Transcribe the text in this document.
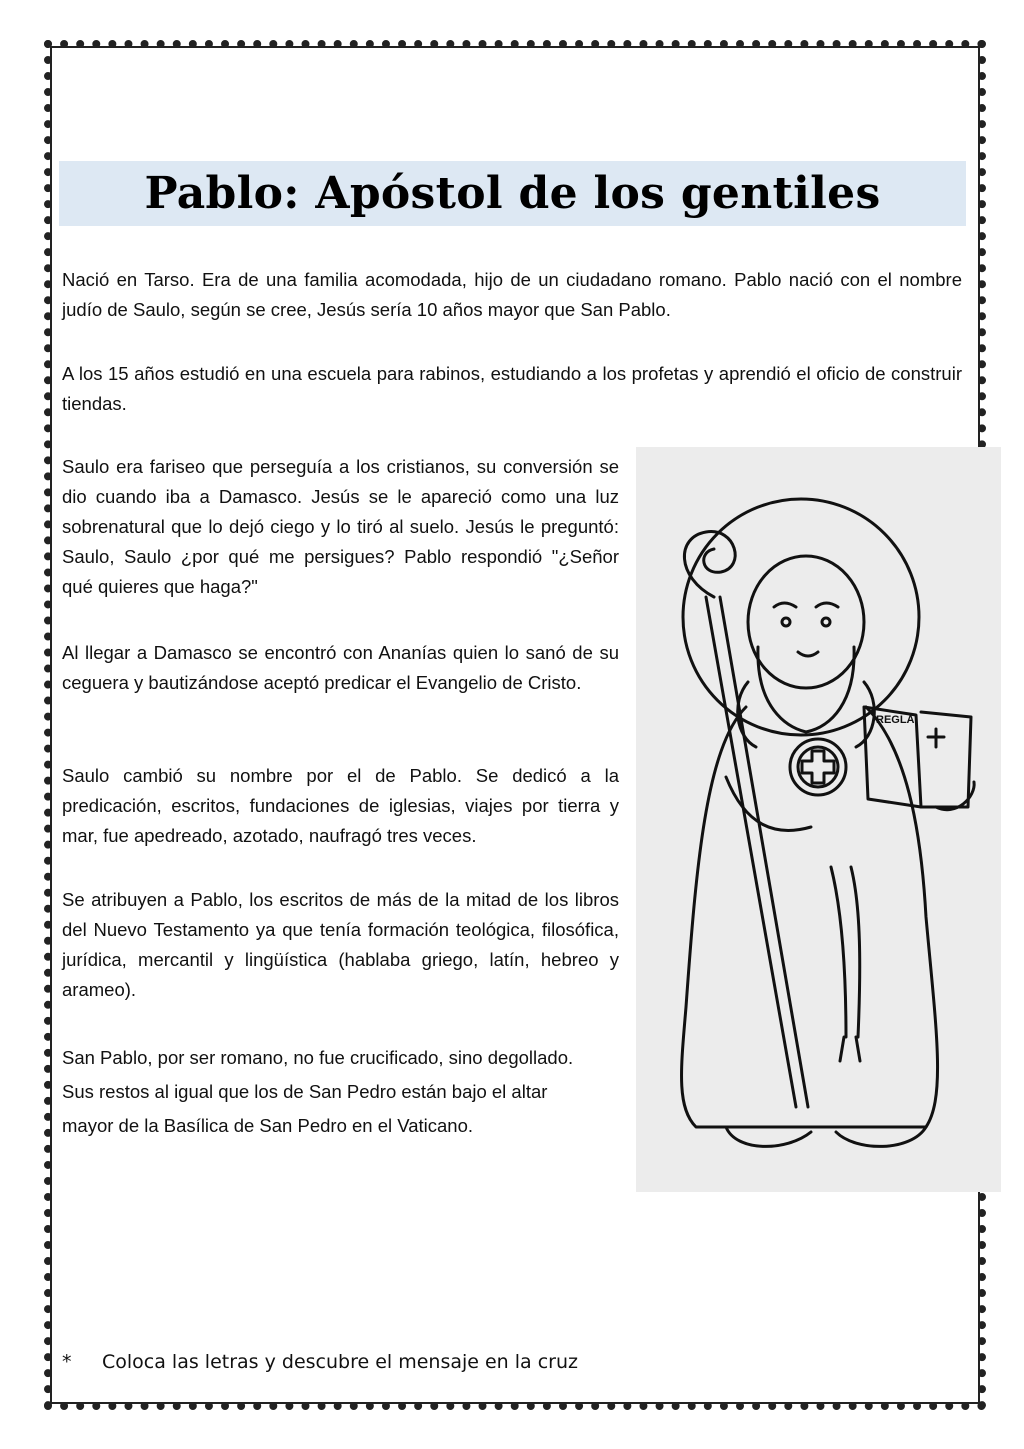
Pablo: Apóstol de los gentiles

Nació en Tarso. Era de una familia acomodada, hijo de un ciudadano romano. Pablo nació con el nombre judío de Saulo, según se cree, Jesús sería 10 años mayor que San Pablo.

A los 15 años estudió en una escuela para rabinos, estudiando a los profetas y aprendió el oficio de construir tiendas.

Saulo era fariseo que perseguía a los cristianos, su conversión se dio cuando iba a Damasco. Jesús se le apareció como una luz sobrenatural que lo dejó ciego y lo tiró al suelo. Jesús le preguntó: Saulo, Saulo ¿por qué me persigues? Pablo respondió "¿Señor qué quieres que haga?"

Al llegar a Damasco se encontró con Ananías quien lo sanó de su ceguera y bautizándose aceptó predicar el Evangelio de Cristo.

Saulo cambió su nombre por el de Pablo. Se dedicó a la predicación, escritos, fundaciones de iglesias, viajes por tierra y mar, fue apedreado, azotado, naufragó tres veces.

Se atribuyen a Pablo, los escritos de más de la mitad de los libros del Nuevo Testamento ya que tenía formación teológica, filosófica, jurídica, mercantil y lingüística (hablaba griego, latín, hebreo y arameo).

San Pablo, por ser romano, no fue crucificado, sino degollado. Sus restos al igual que los de San Pedro están bajo el altar mayor de la Basílica de San Pedro en el Vaticano.

REGLA
* Coloca las letras y descubre el mensaje en la cruz
